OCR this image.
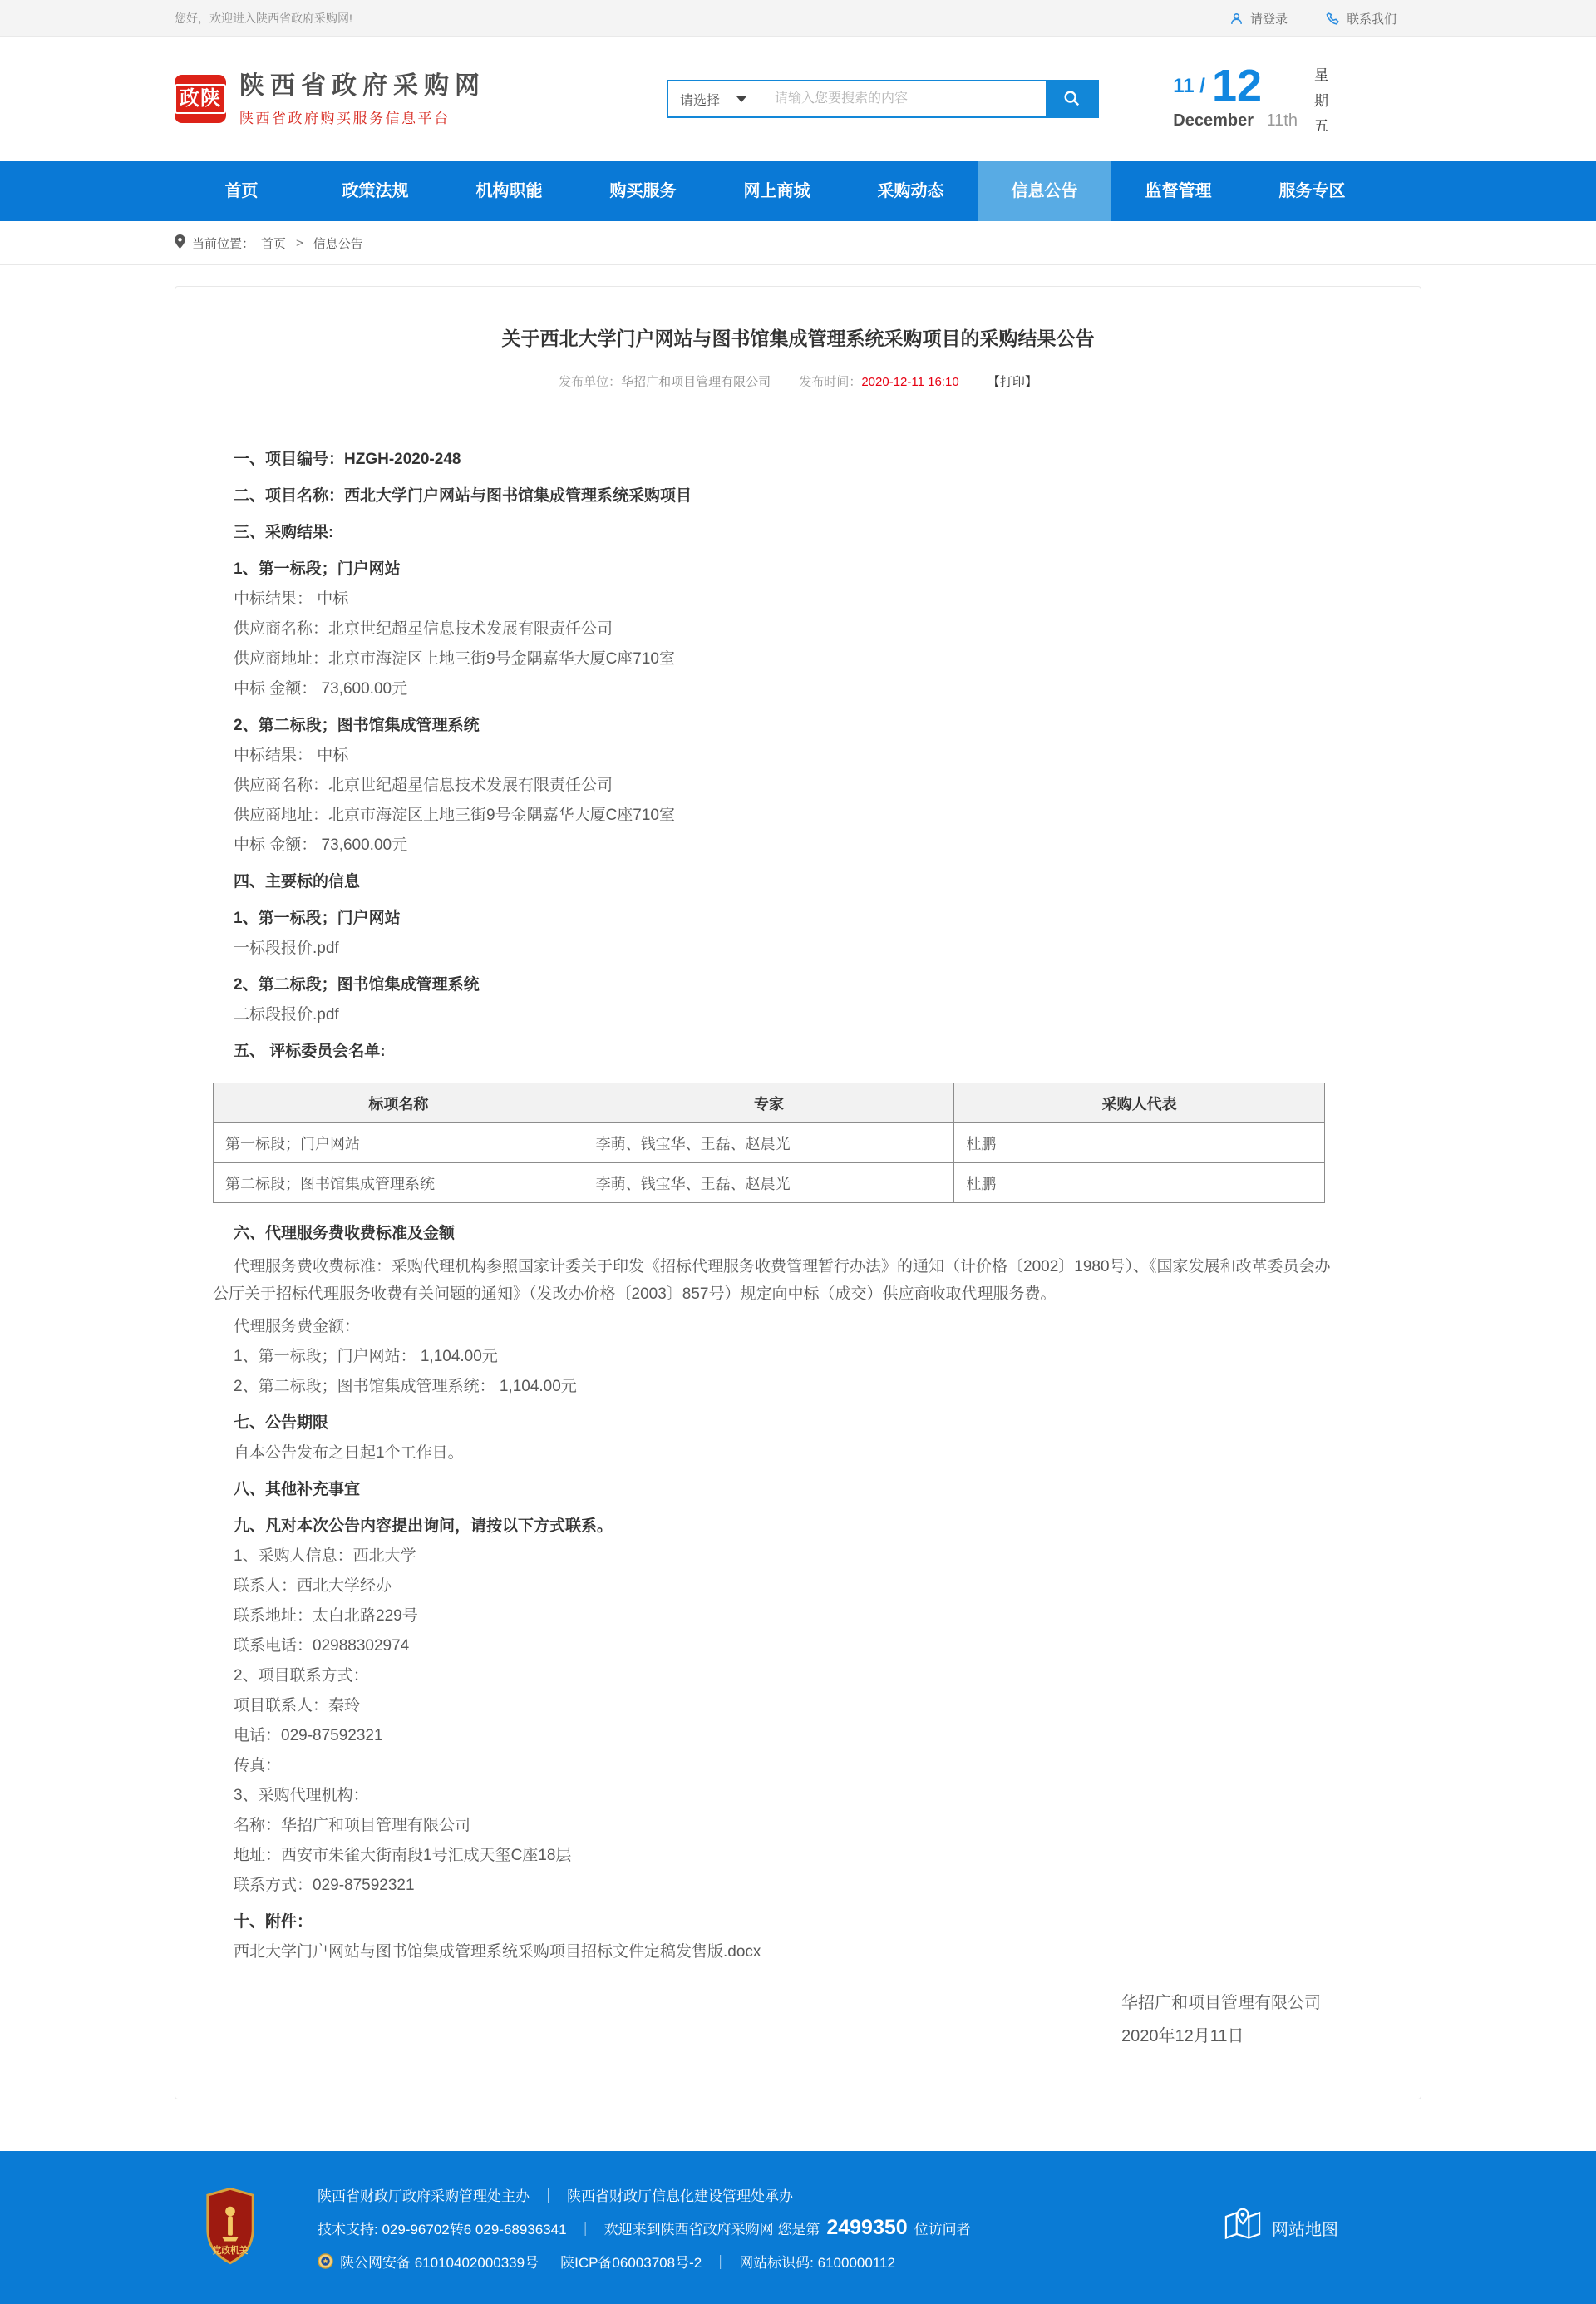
您好，欢迎进入陕西省政府采购网!	请登录	联系我们
政陕 陕西省政府采购网
陕西省政府购买服务信息平台
请选择
请输入您要搜索的内容
11 / 12
December 11th
星
期
五
首页	政策法规	机构职能	购买服务	网上商城	采购动态	信息公告	监督管理	服务专区
当前位置： 首页 > 信息公告
关于西北大学门户网站与图书馆集成管理系统采购项目的采购结果公告
发布单位：华招广和项目管理有限公司 发布时间：2020-12-11 16:10 【打印】

一、项目编号：HZGH-2020-248

二、项目名称：西北大学门户网站与图书馆集成管理系统采购项目

三、采购结果:

1、第一标段；门户网站

中标结果： 中标

供应商名称：北京世纪超星信息技术发展有限责任公司

供应商地址：北京市海淀区上地三街9号金隅嘉华大厦C座710室

中标 金额： 73,600.00元

2、第二标段；图书馆集成管理系统

中标结果： 中标

供应商名称：北京世纪超星信息技术发展有限责任公司

供应商地址：北京市海淀区上地三街9号金隅嘉华大厦C座710室

中标 金额： 73,600.00元

四、主要标的信息

1、第一标段；门户网站

一标段报价.pdf

2、第二标段；图书馆集成管理系统

二标段报价.pdf

五、 评标委员会名单:

标项名称	专家	采购人代表
第一标段；门户网站	李萌、钱宝华、王磊、赵晨光	杜鹏
第二标段；图书馆集成管理系统	李萌、钱宝华、王磊、赵晨光	杜鹏

六、代理服务费收费标准及金额

代理服务费收费标准：采购代理机构参照国家计委关于印发《招标代理服务收费管理暂行办法》的通知（计价格〔2002〕1980号）、《国家发展和改革委员会办公厅关于招标代理服务收费有关问题的通知》（发改办价格〔2003〕857号）规定向中标（成交）供应商收取代理服务费。

代理服务费金额：

1、第一标段；门户网站： 1,104.00元

2、第二标段；图书馆集成管理系统： 1,104.00元

七、公告期限

自本公告发布之日起1个工作日。

八、其他补充事宜

九、凡对本次公告内容提出询问，请按以下方式联系。

1、采购人信息：西北大学

联系人：西北大学经办

联系地址：太白北路229号

联系电话：02988302974

2、项目联系方式：

项目联系人：秦玲

电话：029-87592321

传真：

3、采购代理机构：

名称：华招广和项目管理有限公司

地址：西安市朱雀大街南段1号汇成天玺C座18层

联系方式：029-87592321

十、附件：

西北大学门户网站与图书馆集成管理系统采购项目招标文件定稿发售版.docx

华招广和项目管理有限公司
2020年12月11日
党政机关
陕西省财政厅政府采购管理处主办 ｜ 陕西省财政厅信息化建设管理处承办
技术支持: 029-96702转6 029-68936341 ｜ 欢迎来到陕西省政府采购网 您是第 2499350 位访问者
陕公网安备 61010402000339号 陕ICP备06003708号-2 ｜ 网站标识码: 6100000112
网站地图
